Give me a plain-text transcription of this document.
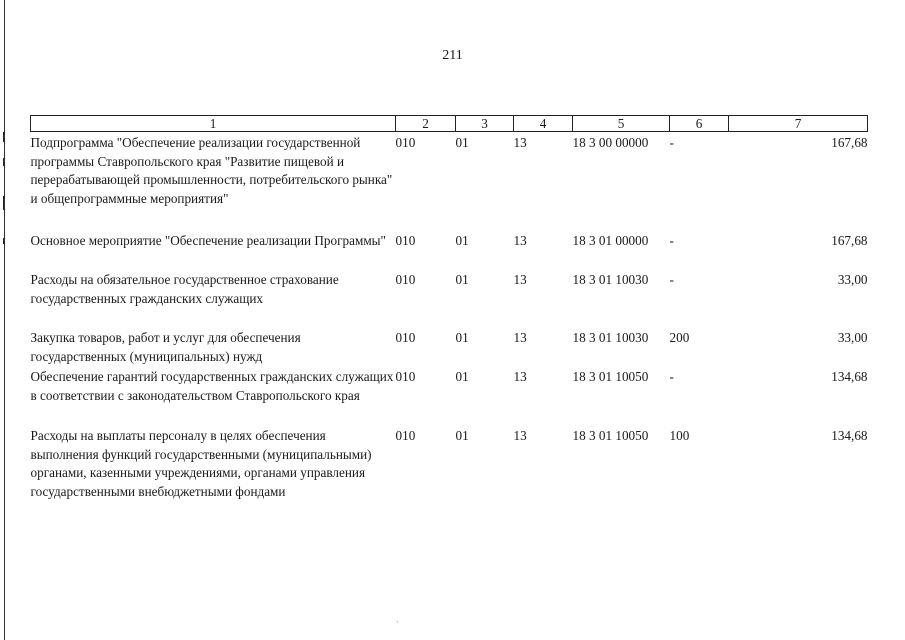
211
1	2	3	4	5	6	7

Подпрограмма "Обеспечение реализации государственной программы Ставропольского края "Развитие пищевой и перерабатывающей промышленности, потребительского рынка" и общепрограммные мероприятия"	010	01	13	18 3 00 00000	-	167,68
Основное мероприятие "Обеспечение реализации Программы"	010	01	13	18 3 01 00000	-	167,68
Расходы на обязательное государственное страхование государственных гражданских служащих	010	01	13	18 3 01 10030	-	33,00
Закупка товаров, работ и услуг для обеспечения государственных (муниципальных) нужд	010	01	13	18 3 01 10030	200	33,00
Обеспечение гарантий государственных гражданских служащих в соответствии с законодательством Ставропольского края	010	01	13	18 3 01 10050	-	134,68
Расходы на выплаты персоналу в целях обеспечения выполнения функций государственными (муниципальными) органами, казенными учреждениями, органами управления государственными внебюджетными фондами	010	01	13	18 3 01 10050	100	134,68
`
